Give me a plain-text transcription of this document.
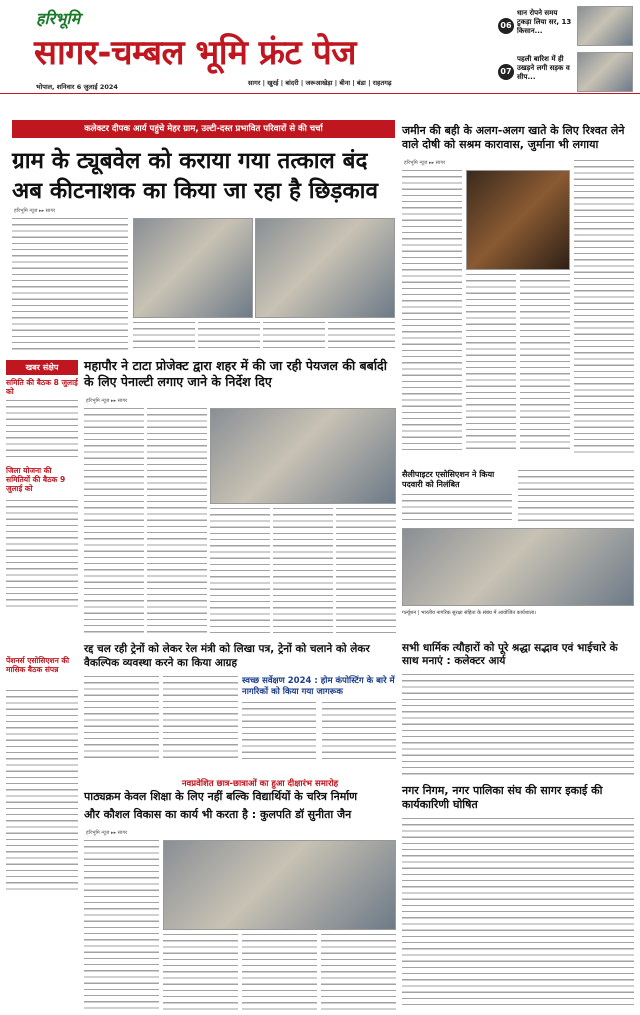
हरिभूमि
सागर-चम्बल भूमि फ्रंट पेज
भोपाल, शनिवार 6 जुलाई 2024	सागर | खुरई | बांदरी | जरूआखेड़ा | बीना | बंडा | राहतगढ़
06
धान रोपने समय टुकड़ा लिया सर, 13 किसान...
07
पहली बारिश में ही उखड़ने लगी सड़क व सीप...
कलेक्टर दीपक आर्य पहुंचे मेहर ग्राम, उल्टी-दस्त प्रभावित परिवारों से की चर्चा
ग्राम के ट्यूबवेल को कराया गया तत्काल बंद
अब कीटनाशक का किया जा रहा है छिड़काव
हरिभूमि न्यूज ▸▸ सागर
खबर संक्षेप
समिति की बैठक 8 जुलाई को
जिला योजना की समितियों की बैठक 9 जुलाई को
पेंशनर्स एसोसिएशन की मासिक बैठक संपन्न
जमीन की बही के अलग-अलग खाते के लिए रिश्वत लेने वाले दोषी को सश्रम कारावास, जुर्माना भी लगाया
हरिभूमि न्यूज ▸▸ सागर
महापौर ने टाटा प्रोजेक्ट द्वारा शहर में की जा रही पेयजल की बर्बादी के लिए पेनाल्टी लगाए जाने के निर्देश दिए
हरिभूमि न्यूज ▸▸ सागर
सैलीपाइटर एसोसिएशन ने किया पदवारी को निलंबित
गर्ल्यूशन | भारतीय नागरिक सुरक्षा संहिता के संबंध में आयोजित कार्यशाला।
रद्द चल रही ट्रेनों को लेकर रेल मंत्री को लिखा पत्र, ट्रेनों को चलाने को लेकर वैकल्पिक व्यवस्था करने का किया आग्रह
स्वच्छ सर्वेक्षण 2024 : होम कंपोस्टिंग के बारे में नागरिकों को किया गया जागरूक
सभी धार्मिक त्यौहारों को पूरे श्रद्धा सद्भाव एवं भाईचारे के साथ मनाएं : कलेक्टर आर्य
नवप्रवेशित छात्र-छात्राओं का हुआ दीक्षारंभ समारोह
पाठ्यक्रम केवल शिक्षा के लिए नहीं बल्कि विद्यार्थियों के चरित्र निर्माण
और कौशल विकास का कार्य भी करता है : कुलपति डॉ सुनीता जैन
हरिभूमि न्यूज ▸▸ सागर
नगर निगम, नगर पालिका संघ की सागर इकाई की कार्यकारिणी घोषित
